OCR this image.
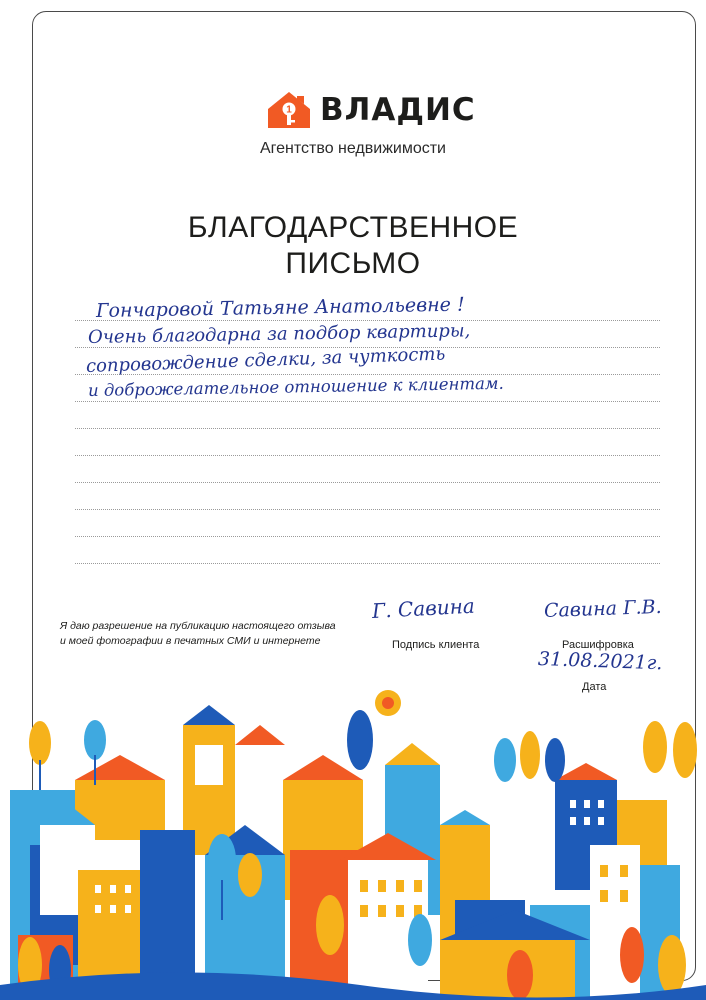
1 ВЛАДИС
Агентство недвижимости
БЛАГОДАРСТВЕННОЕ
ПИСЬМО
Гончаровой Татьяне Анатольевне !
Очень благодарна за подбор квартиры,
сопровождение сделки, за чуткость
и доброжелательное отношение к клиентам.
Я даю разрешение на публикацию настоящего отзыва
и моей фотографии в печатных СМИ и интернете
Г. Савина
Подпись клиента
Савина Г.В.
Расшифровка
31.08.2021г.
Дата
